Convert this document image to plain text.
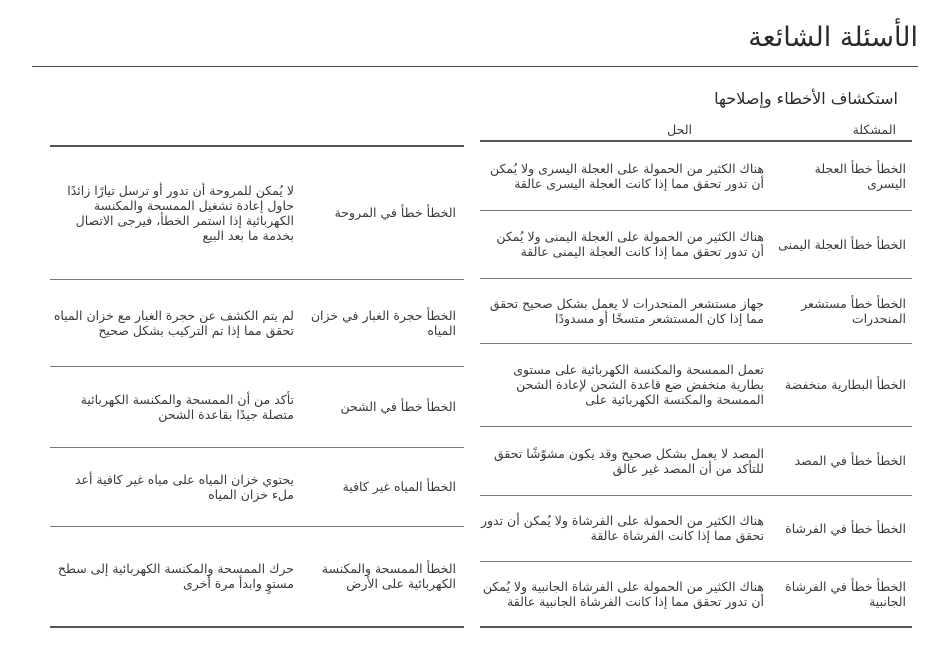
الأسئلة الشائعة
استكشاف الأخطاء وإصلاحها
المشكلة	الحل
الخطأ خطأ العجلة اليسرى	هناك الكثير من الحمولة على العجلة اليسرى ولا يُمكن أن تدور تحقق مما إذا كانت العجلة اليسرى عالقة
الخطأ خطأ العجلة اليمنى	هناك الكثير من الحمولة على العجلة اليمنى ولا يُمكن أن تدور تحقق مما إذا كانت العجلة اليمنى عالقة
الخطأ خطأ مستشعر المنحدرات	جهاز مستشعر المنحدرات لا يعمل بشكل صحيح تحقق مما إذا كان المستشعر متسخًا أو مسدودًا
الخطأ البطارية منخفضة	تعمل الممسحة والمكنسة الكهربائية على مستوى بطارية منخفض ضع قاعدة الشحن لإعادة الشحن الممسحة والمكنسة الكهربائية على
الخطأ خطأ في المصد	المصد لا يعمل بشكل صحيح وقد يكون مشوّشًا تحقق للتأكد من أن المصد غير عالق
الخطأ خطأ في الفرشاة	هناك الكثير من الحمولة على الفرشاة ولا يُمكن أن تدور تحقق مما إذا كانت الفرشاة عالقة
الخطأ خطأ في الفرشاة الجانبية	هناك الكثير من الحمولة على الفرشاة الجانبية ولا يُمكن أن تدور تحقق مما إذا كانت الفرشاة الجانبية عالقة
الخطأ خطأ في المروحة	لا يُمكن للمروحة أن تدور أو ترسل تيارًا زائدًا حاول إعادة تشغيل الممسحة والمكنسة الكهربائية إذا استمر الخطأ، فيرجى الاتصال بخدمة ما بعد البيع
الخطأ حجرة الغبار في خزان المياه	لم يتم الكشف عن حجرة الغبار مع خزان المياه تحقق مما إذا تم التركيب بشكل صحيح
الخطأ خطأ في الشحن	تأكد من أن الممسحة والمكنسة الكهربائية متصلة جيدًا بقاعدة الشحن
الخطأ المياه غير كافية	يحتوي خزان المياه على مياه غير كافية أعد ملء خزان المياه
الخطأ الممسحة والمكنسة الكهربائية على الأرض	حرك الممسحة والمكنسة الكهربائية إلى سطح مستوٍ وابدأ مرة أخرى
